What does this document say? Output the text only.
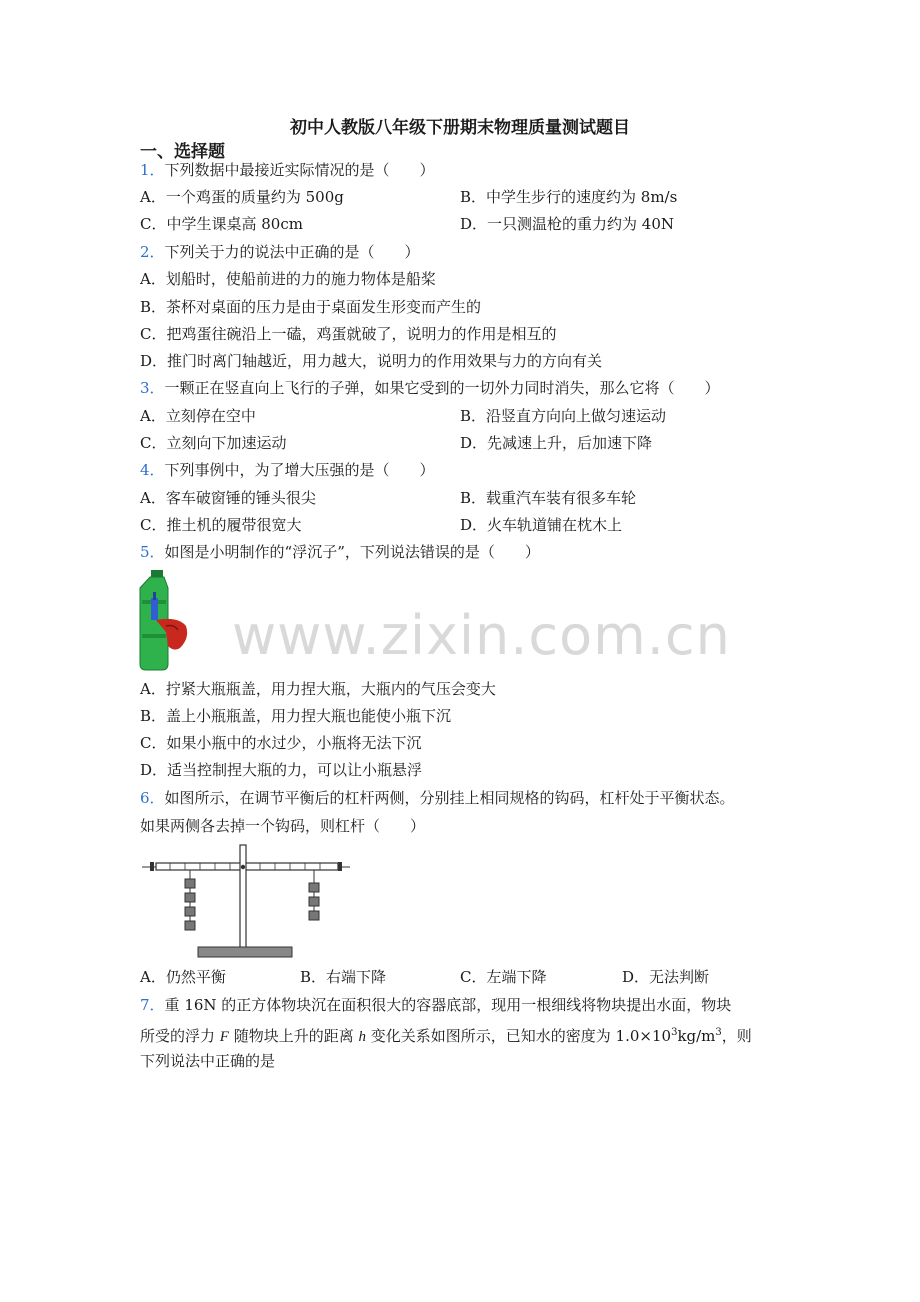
www.zixin.com.cn
初中人教版八年级下册期末物理质量测试题目
一、选择题
1．下列数据中最接近实际情况的是（　　）
A．一个鸡蛋的质量约为 500g	B．中学生步行的速度约为 8m/s
C．中学生课桌高 80cm	D．一只测温枪的重力约为 40N
2．下列关于力的说法中正确的是（　　）
A．划船时，使船前进的力的施力物体是船桨
B．茶杯对桌面的压力是由于桌面发生形变而产生的
C．把鸡蛋往碗沿上一磕，鸡蛋就破了，说明力的作用是相互的
D．推门时离门轴越近，用力越大，说明力的作用效果与力的方向有关
3．一颗正在竖直向上飞行的子弹，如果它受到的一切外力同时消失，那么它将（　　）
A．立刻停在空中	B．沿竖直方向向上做匀速运动
C．立刻向下加速运动	D．先减速上升，后加速下降
4．下列事例中，为了增大压强的是（　　）
A．客车破窗锤的锤头很尖	B．载重汽车装有很多车轮
C．推土机的履带很宽大	D．火车轨道铺在枕木上
5．如图是小明制作的“浮沉子”，下列说法错误的是（　　）
A．拧紧大瓶瓶盖，用力捏大瓶，大瓶内的气压会变大
B．盖上小瓶瓶盖，用力捏大瓶也能使小瓶下沉
C．如果小瓶中的水过少，小瓶将无法下沉
D．适当控制捏大瓶的力，可以让小瓶悬浮
6．如图所示，在调节平衡后的杠杆两侧，分别挂上相同规格的钩码，杠杆处于平衡状态。
如果两侧各去掉一个钩码，则杠杆（　　）
A．仍然平衡	B．右端下降	C．左端下降	D．无法判断
7．重 16N 的正方体物块沉在面积很大的容器底部，现用一根细线将物块提出水面，物块
所受的浮力 F 随物块上升的距离 h 变化关系如图所示，已知水的密度为 $1.0\times 10^3kg/m^3$，则
下列说法中正确的是
